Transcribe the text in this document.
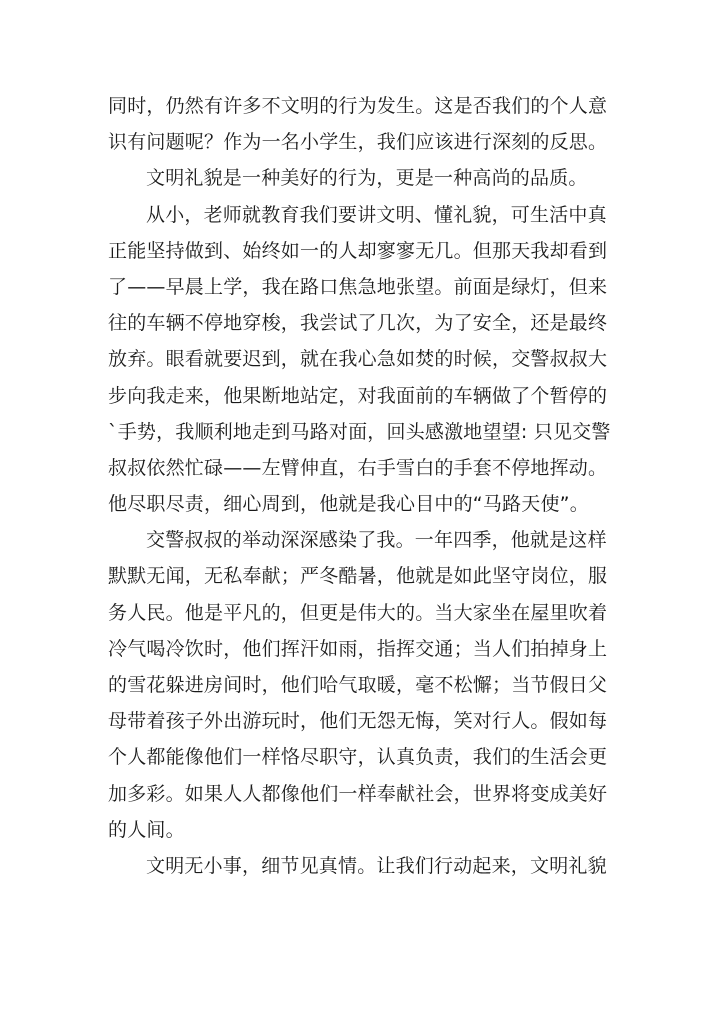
同时，仍然有许多不文明的行为发生。这是否我们的个人意
识有问题呢？作为一名小学生，我们应该进行深刻的反思。
文明礼貌是一种美好的行为，更是一种高尚的品质。
从小，老师就教育我们要讲文明、懂礼貌，可生活中真
正能坚持做到、始终如一的人却寥寥无几。但那天我却看到
了——早晨上学，我在路口焦急地张望。前面是绿灯，但来
往的车辆不停地穿梭，我尝试了几次，为了安全，还是最终
放弃。眼看就要迟到，就在我心急如焚的时候，交警叔叔大
步向我走来，他果断地站定，对我面前的车辆做了个暂停的
`手势，我顺利地走到马路对面，回头感激地望望: 只见交警
叔叔依然忙碌——左臂伸直，右手雪白的手套不停地挥动。
他尽职尽责，细心周到，他就是我心目中的“马路天使”。
交警叔叔的举动深深感染了我。一年四季，他就是这样
默默无闻，无私奉献；严冬酷暑，他就是如此坚守岗位，服
务人民。他是平凡的，但更是伟大的。当大家坐在屋里吹着
冷气喝冷饮时，他们挥汗如雨，指挥交通；当人们拍掉身上
的雪花躲进房间时，他们哈气取暖，毫不松懈；当节假日父
母带着孩子外出游玩时，他们无怨无悔，笑对行人。假如每
个人都能像他们一样恪尽职守，认真负责，我们的生活会更
加多彩。如果人人都像他们一样奉献社会，世界将变成美好
的人间。
文明无小事，细节见真情。让我们行动起来，文明礼貌
